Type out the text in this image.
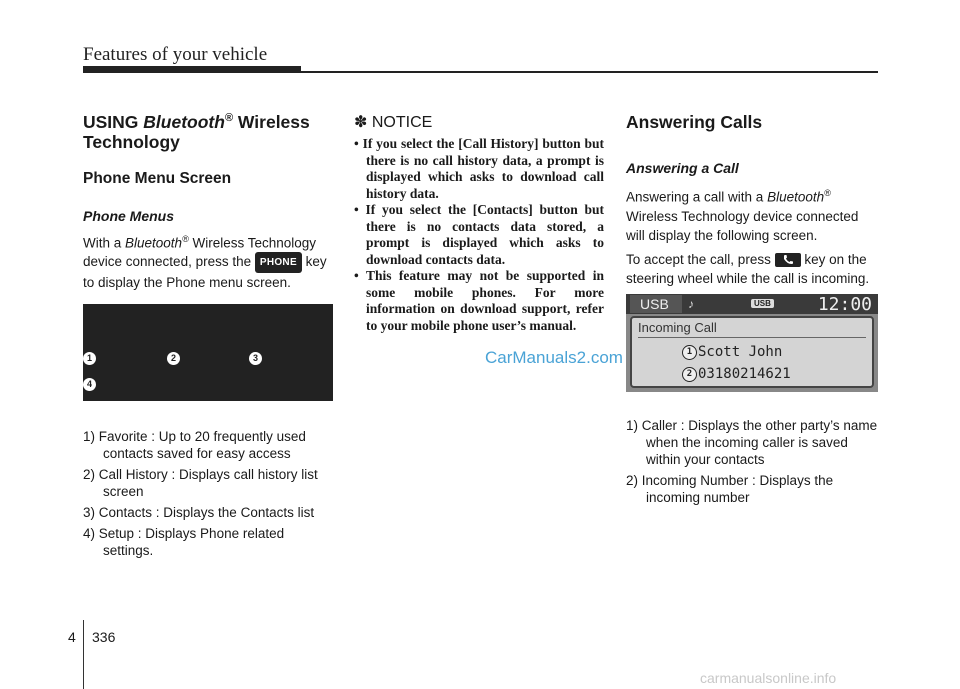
Features of your vehicle
USING Bluetooth® Wireless Technology
Phone Menu Screen
Phone Menus

With a Bluetooth® Wireless Technology device connected, press the PHONE key to display the Phone menu screen.

1	2	3
4
1) Favorite : Up to 20 frequently used contacts saved for easy access
2) Call History : Displays call history list screen
3) Contacts : Displays the Contacts list
4) Setup : Displays Phone related settings.
✽ NOTICE
• If you select the [Call History] button but there is no call history data, a prompt is displayed which asks to download call history data.
• If you select the [Contacts] button but there is no contacts data stored, a prompt is displayed which asks to download contacts data.
• This feature may not be supported in some mobile phones. For more information on download support, refer to your mobile phone user’s manual.
CarManuals2.com
Answering Calls
Answering a Call

Answering a call with a Bluetooth® Wireless Technology device connected will display the following screen.

To accept the call, press
key on the steering wheel while the call is incoming.

USB	♪	USB	12:00
Incoming Call
1 Scott John
2 03180214621
1) Caller : Displays the other party’s name when the incoming caller is saved within your contacts
2) Incoming Number : Displays the incoming number
4 336
carmanualsonline.info
